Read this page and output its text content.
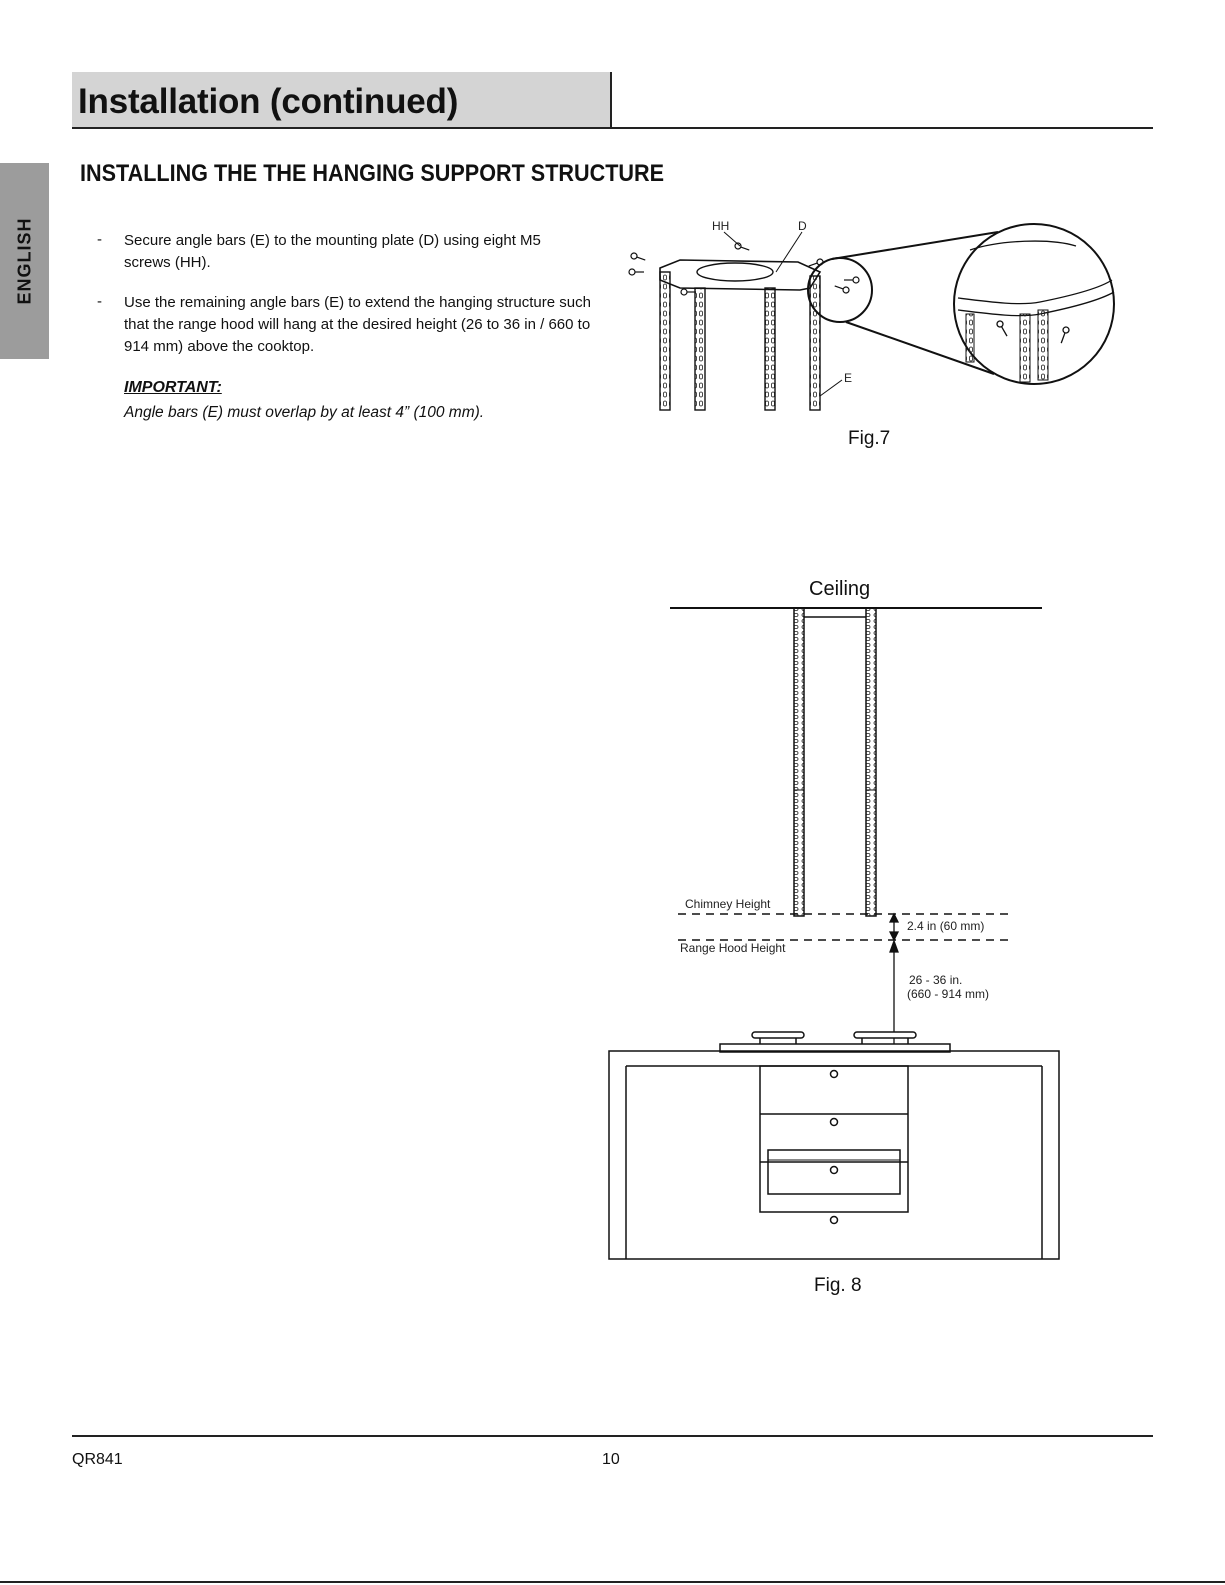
Installation (continued)
ENGLISH
INSTALLING THE THE HANGING SUPPORT STRUCTURE
- Secure angle bars (E) to the mounting plate (D) using eight M5 screws (HH).
- Use the remaining angle bars (E) to extend the hanging structure such that the range hood will hang at the desired height (26 to 36 in / 660 to 914 mm) above the cooktop.
IMPORTANT:
Angle bars (E) must overlap by at least 4” (100 mm).
HH	D
E
Fig.7
Ceiling
Chimney Height
Range Hood Height
2.4 in (60 mm)
26 - 36 in.
(660 - 914 mm)
Fig. 8
QR841	10
